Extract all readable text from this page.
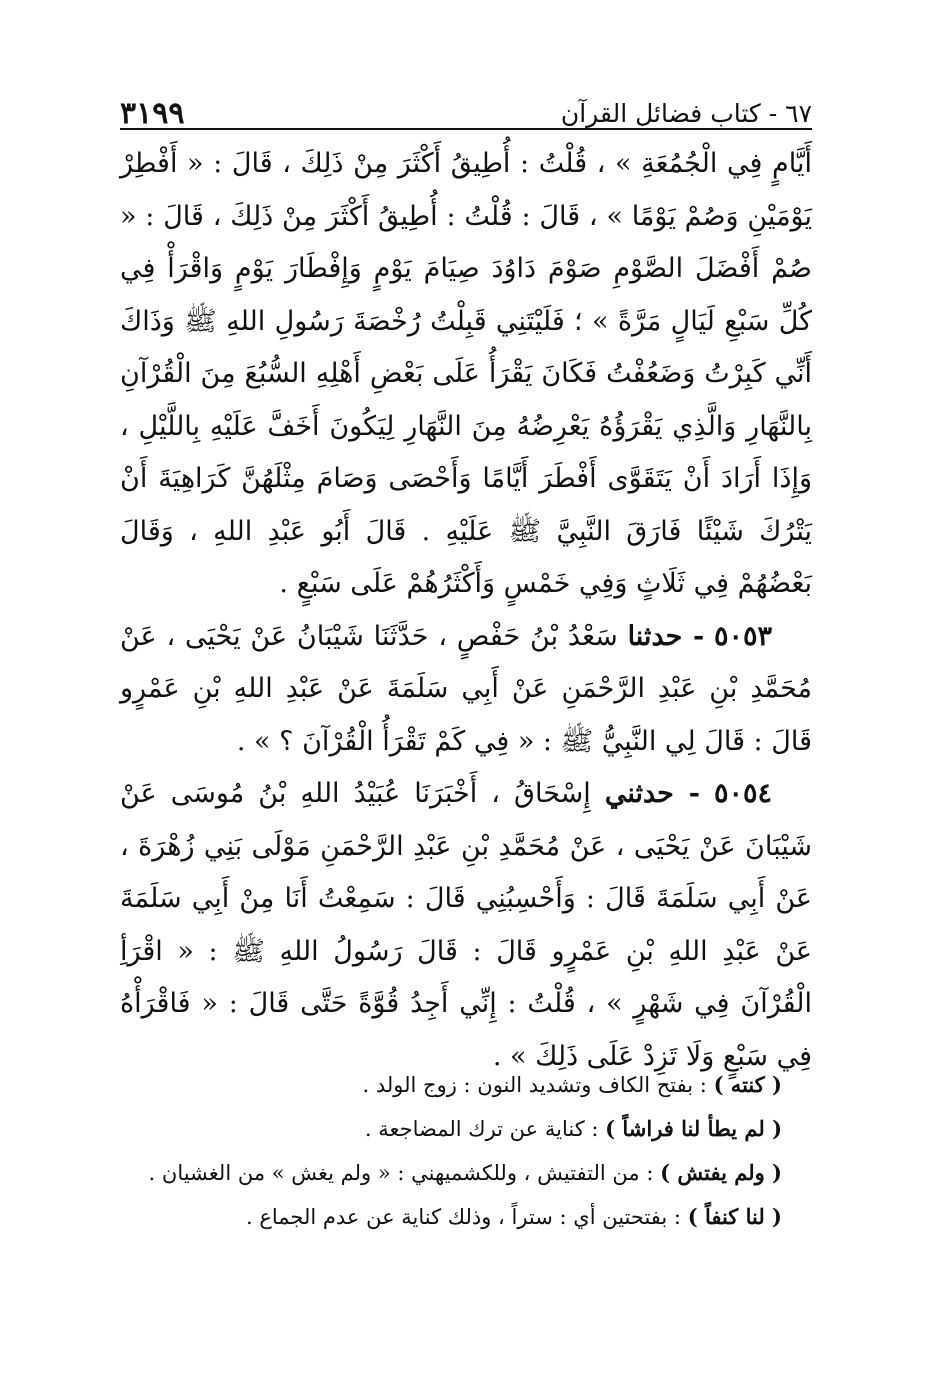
٦٧ - كتاب فضائل القرآن
٣١٩٩

أَيَّامٍ فِي الْجُمُعَةِ » ، قُلْتُ : أُطِيقُ أَكْثَرَ مِنْ ذَلِكَ ، قَالَ : « أَفْطِرْ يَوْمَيْنِ وَصُمْ يَوْمًا » ، قَالَ : قُلْتُ : أُطِيقُ أَكْثَرَ مِنْ ذَلِكَ ، قَالَ : « صُمْ أَفْضَلَ الصَّوْمِ صَوْمَ دَاوُدَ صِيَامَ يَوْمٍ وَإِفْطَارَ يَوْمٍ وَاقْرَأْ فِي كُلِّ سَبْعِ لَيَالٍ مَرَّةً » ؛ فَلَيْتَنِي قَبِلْتُ رُخْصَةَ رَسُولِ اللهِ ﷺ وَذَاكَ أَنِّي كَبِرْتُ وَضَعُفْتُ فَكَانَ يَقْرَأُ عَلَى بَعْضِ أَهْلِهِ السُّبُعَ مِنَ الْقُرْآنِ بِالنَّهَارِ وَالَّذِي يَقْرَؤُهُ يَعْرِضُهُ مِنَ النَّهَارِ لِيَكُونَ أَخَفَّ عَلَيْهِ بِاللَّيْلِ ، وَإِذَا أَرَادَ أَنْ يَتَقَوَّى أَفْطَرَ أَيَّامًا وَأَحْصَى وَصَامَ مِثْلَهُنَّ كَرَاهِيَةَ أَنْ يَتْرُكَ شَيْئًا فَارَقَ النَّبِيَّ ﷺ عَلَيْهِ . قَالَ أَبُو عَبْدِ اللهِ ، وَقَالَ بَعْضُهُمْ فِي ثَلَاثٍ وَفِي خَمْسٍ وَأَكْثَرُهُمْ عَلَى سَبْعٍ .

٥٠٥٣ - حدثنا سَعْدُ بْنُ حَفْصٍ ، حَدَّثَنَا شَيْبَانُ عَنْ يَحْيَى ، عَنْ مُحَمَّدِ بْنِ عَبْدِ الرَّحْمَنِ عَنْ أَبِي سَلَمَةَ عَنْ عَبْدِ اللهِ بْنِ عَمْرٍو قَالَ : قَالَ لِي النَّبِيُّ ﷺ : « فِي كَمْ تَقْرَأُ الْقُرْآنَ ؟ » .

٥٠٥٤ - حدثني إِسْحَاقُ ، أَخْبَرَنَا عُبَيْدُ اللهِ بْنُ مُوسَى عَنْ شَيْبَانَ عَنْ يَحْيَى ، عَنْ مُحَمَّدِ بْنِ عَبْدِ الرَّحْمَنِ مَوْلَى بَنِي زُهْرَةَ ، عَنْ أَبِي سَلَمَةَ قَالَ : وَأَحْسِبُنِي قَالَ : سَمِعْتُ أَنَا مِنْ أَبِي سَلَمَةَ عَنْ عَبْدِ اللهِ بْنِ عَمْرٍو قَالَ : قَالَ رَسُولُ اللهِ ﷺ : « اقْرَأِ الْقُرْآنَ فِي شَهْرٍ » ، قُلْتُ : إِنِّي أَجِدُ قُوَّةً حَتَّى قَالَ : « فَاقْرَأْهُ فِي سَبْعٍ وَلَا تَزِدْ عَلَى ذَلِكَ » .

( كنته ) : بفتح الكاف وتشديد النون : زوج الولد .

( لم يطأ لنا فراشاً ) : كناية عن ترك المضاجعة .

( ولم يفتش ) : من التفتيش ، وللكشميهني : « ولم يغش » من الغشيان .

( لنا كنفاً ) : بفتحتين أي : ستراً ، وذلك كناية عن عدم الجماع .
